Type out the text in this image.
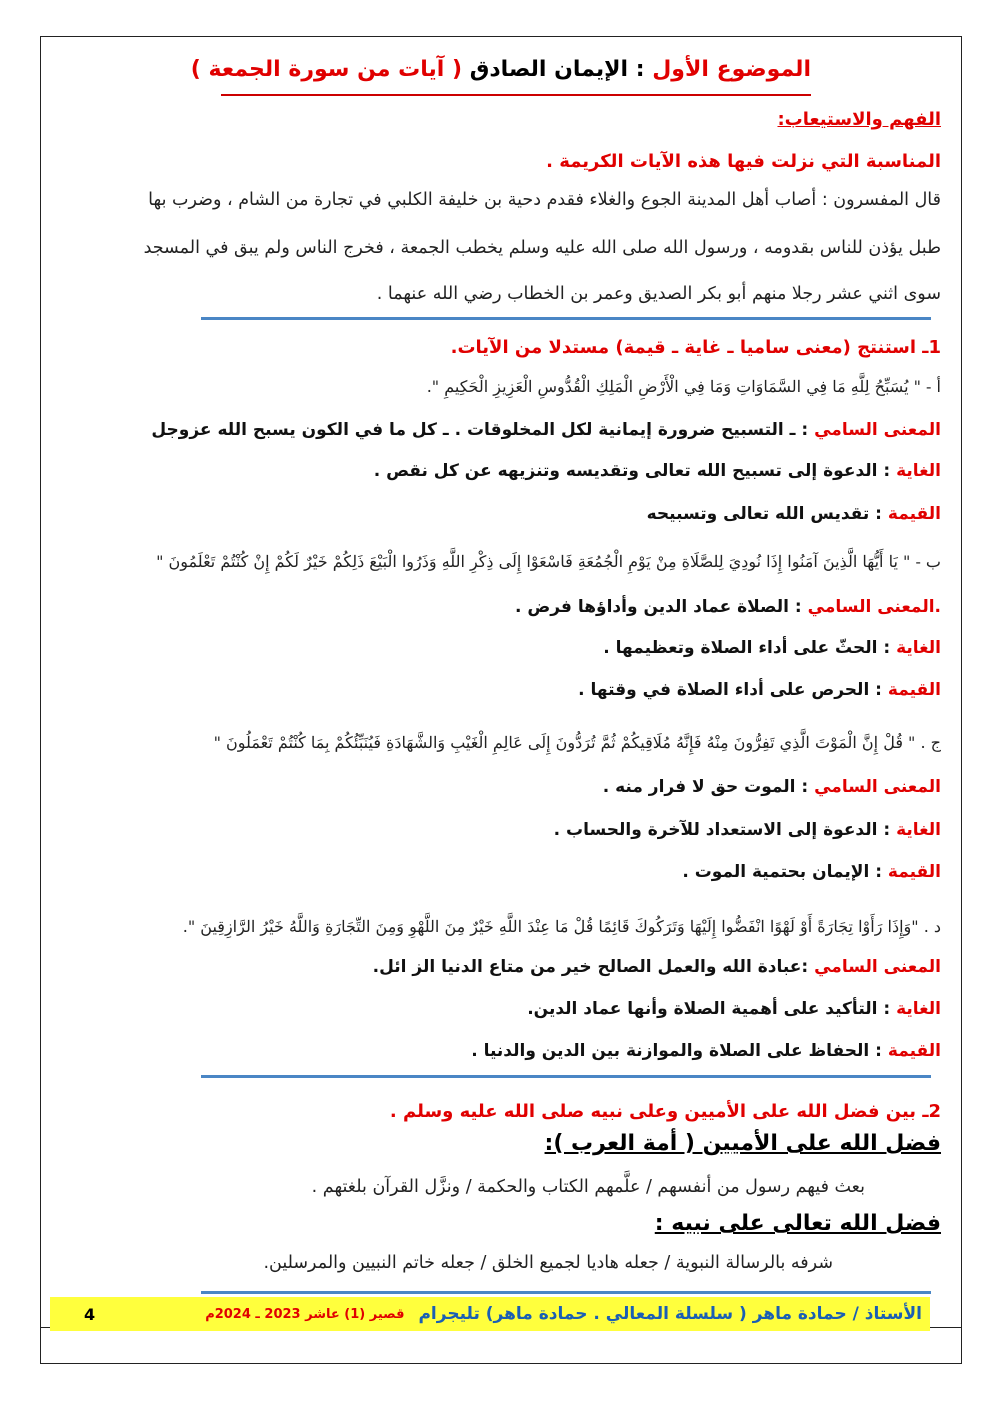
الموضوع الأول : الإيمان الصادق ( آيات من سورة الجمعة )
الفهم والاستيعاب:
المناسبة التي نزلت فيها هذه الآيات الكريمة .
قال المفسرون : أصاب أهل المدينة الجوع والغلاء فقدم دحية بن خليفة الكلبي في تجارة من الشام ، وضرب بها
طبل يؤذن للناس بقدومه ، ورسول الله صلى الله عليه وسلم يخطب الجمعة ، فخرج الناس ولم يبق في المسجد
سوى اثني عشر رجلا منهم أبو بكر الصديق وعمر بن الخطاب رضي الله عنهما .
1ـ استنتج (معنى ساميا ـ غاية ـ قيمة) مستدلا من الآيات.
أ - " يُسَبِّحُ لِلَّهِ مَا فِي السَّمَاوَاتِ وَمَا فِي الْأَرْضِ الْمَلِكِ الْقُدُّوسِ الْعَزِيزِ الْحَكِيمِ ".
المعنى السامي : ـ التسبيح ضرورة إيمانية لكل المخلوقات . ـ كل ما في الكون يسبح الله عزوجل
الغاية : الدعوة إلى تسبيح الله تعالى وتقديسه وتنزيهه عن كل نقص .
القيمة : تقديس الله تعالى وتسبيحه
ب - " يَا أَيُّهَا الَّذِينَ آمَنُوا إِذَا نُودِيَ لِلصَّلَاةِ مِنْ يَوْمِ الْجُمُعَةِ فَاسْعَوْا إِلَى ذِكْرِ اللَّهِ وَذَرُوا الْبَيْعَ ذَلِكُمْ خَيْرٌ لَكُمْ إِنْ كُنْتُمْ تَعْلَمُونَ "
.المعنى السامي : الصلاة عماد الدين وأداؤها فرض .
الغاية : الحثّ على أداء الصلاة وتعظيمها .
القيمة : الحرص على أداء الصلاة في وقتها .
ج . " قُلْ إِنَّ الْمَوْتَ الَّذِي تَفِرُّونَ مِنْهُ فَإِنَّهُ مُلَاقِيكُمْ ثُمَّ تُرَدُّونَ إِلَى عَالِمِ الْغَيْبِ وَالشَّهَادَةِ فَيُنَبِّئُكُمْ بِمَا كُنْتُمْ تَعْمَلُونَ "
المعنى السامي : الموت حق لا فرار منه .
الغاية : الدعوة إلى الاستعداد للآخرة والحساب .
القيمة : الإيمان بحتمية الموت .
د . "وَإِذَا رَأَوْا تِجَارَةً أَوْ لَهْوًا انْفَضُّوا إِلَيْهَا وَتَرَكُوكَ قَائِمًا قُلْ مَا عِنْدَ اللَّهِ خَيْرٌ مِنَ اللَّهْوِ وَمِنَ التِّجَارَةِ وَاللَّهُ خَيْرُ الرَّازِقِينَ ".
المعنى السامي :عبادة الله والعمل الصالح خير من متاع الدنيا الز ائل.
الغاية : التأكيد على أهمية الصلاة وأنها عماد الدين.
القيمة : الحفاظ على الصلاة والموازنة بين الدين والدنيا .
2ـ بين فضل الله على الأميين وعلى نبيه صلى الله عليه وسلم .
فضل الله على الأميين ( أمة العرب ):
بعث فيهم رسول من أنفسهم / علَّمهم الكتاب والحكمة / ونزَّل القرآن بلغتهم .
فضل الله تعالى على نبيه :
شرفه بالرسالة النبوية / جعله هاديا لجميع الخلق / جعله خاتم النبيين والمرسلين.
الأستاذ / حمادة ماهر ( سلسلة المعالي . حمادة ماهر) تليجرام
قصير (1) عاشر 2023 ـ 2024م
4
